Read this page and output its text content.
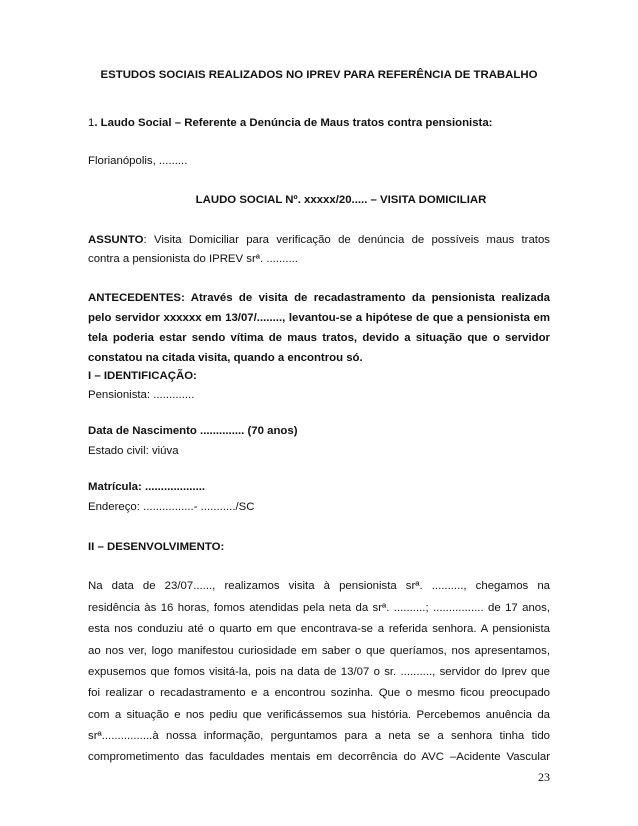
ESTUDOS SOCIAIS REALIZADOS NO IPREV PARA REFERÊNCIA DE TRABALHO
1. Laudo Social – Referente a Denúncia de Maus tratos contra pensionista:
Florianópolis, .........
LAUDO SOCIAL Nº. xxxxx/20..... – VISITA DOMICILIAR
ASSUNTO: Visita Domiciliar para verificação de denúncia de possíveis maus tratos
contra a pensionista do IPREV srª. ..........
ANTECEDENTES: Através de visita de recadastramento da pensionista realizada
pelo servidor xxxxxx em 13/07/........, levantou-se a hipótese de que a pensionista em
tela poderia estar sendo vítima de maus tratos, devido a situação que o servidor
constatou na citada visita, quando a encontrou só.
I – IDENTIFICAÇÃO:
Pensionista: .............
Data de Nascimento .............. (70 anos)
Estado civil: viúva
Matrícula: ...................
Endereço: ................- .........../SC
II – DESENVOLVIMENTO:
Na data de 23/07......, realizamos visita à pensionista srª. .........., chegamos na
residência às 16 horas, fomos atendidas pela neta da srª. ..........; ................ de 17 anos,
esta nos conduziu até o quarto em que encontrava-se a referida senhora. A pensionista
ao nos ver, logo manifestou curiosidade em saber o que queríamos, nos apresentamos,
expusemos que fomos visitá-la, pois na data de 13/07 o sr. .........., servidor do Iprev que
foi realizar o recadastramento e a encontrou sozinha. Que o mesmo ficou preocupado
com a situação e nos pediu que verificássemos sua história. Percebemos anuência da
srª................à nossa informação, perguntamos para a neta se a senhora tinha tido
comprometimento das faculdades mentais em decorrência do AVC –Acidente Vascular
23
